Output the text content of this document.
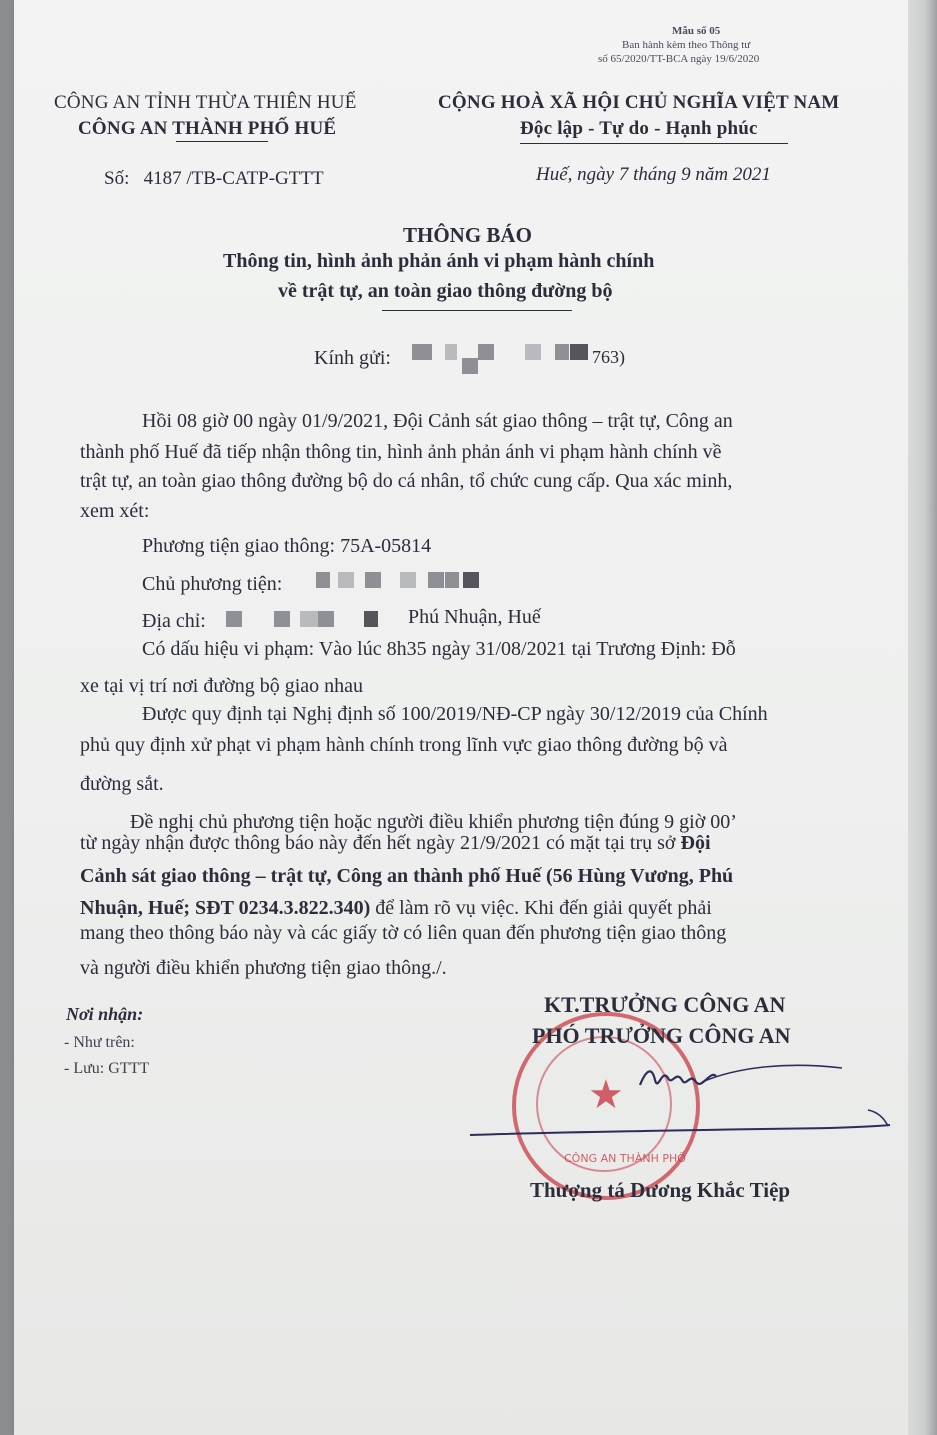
Mẫu số 05
Ban hành kèm theo Thông tư
số 65/2020/TT-BCA ngày 19/6/2020
CÔNG AN TỈNH THỪA THIÊN HUẾ
CÔNG AN THÀNH PHỐ HUẾ
Số:   4187 /TB-CATP-GTTT
CỘNG HOÀ XÃ HỘI CHỦ NGHĨA VIỆT NAM
Độc lập - Tự do - Hạnh phúc
Huế, ngày 7 tháng 9 năm 2021
THÔNG BÁO
Thông tin, hình ảnh phản ánh vi phạm hành chính
về trật tự, an toàn giao thông đường bộ
Kính gửi:	763)
Hồi 08 giờ 00 ngày 01/9/2021, Đội Cảnh sát giao thông – trật tự, Công an
thành phố Huế đã tiếp nhận thông tin, hình ảnh phản ánh vi phạm hành chính về
trật tự, an toàn giao thông đường bộ do cá nhân, tổ chức cung cấp. Qua xác minh,
xem xét:
Phương tiện giao thông: 75A-05814
Chủ phương tiện:
Địa chỉ:	Phú Nhuận, Huế
Có dấu hiệu vi phạm: Vào lúc 8h35 ngày 31/08/2021 tại Trương Định: Đỗ
xe tại vị trí nơi đường bộ giao nhau
Được quy định tại Nghị định số 100/2019/NĐ-CP ngày 30/12/2019 của Chính
phủ quy định xử phạt vi phạm hành chính trong lĩnh vực giao thông đường bộ và
đường sắt.
Đề nghị chủ phương tiện hoặc người điều khiển phương tiện đúng 9 giờ 00’
từ ngày nhận được thông báo này đến hết ngày 21/9/2021 có mặt tại trụ sở Đội
Cảnh sát giao thông – trật tự, Công an thành phố Huế (56 Hùng Vương, Phú
Nhuận, Huế; SĐT 0234.3.822.340) để làm rõ vụ việc. Khi đến giải quyết phải
mang theo thông báo này và các giấy tờ có liên quan đến phương tiện giao thông
và người điều khiển phương tiện giao thông./.
Nơi nhận:
- Như trên:
- Lưu: GTTT
★
CÔNG AN THÀNH PHỐ
KT.TRƯỞNG CÔNG AN
PHÓ TRƯỞNG CÔNG AN
Thượng tá Dương Khắc Tiệp
